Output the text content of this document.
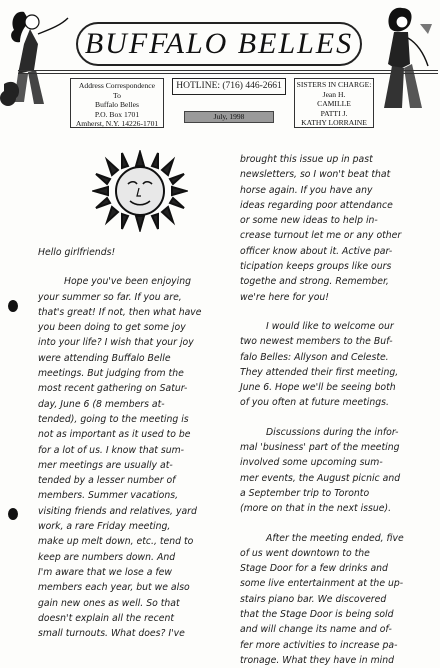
BUFFALO BELLES
Address Correspondence
To
Buffalo Belles
P.O. Box 1701
Amherst, N.Y. 14226-1701
HOTLINE: (716) 446-2661
July, 1998
SISTERS IN CHARGE:
Jean H.
CAMILLE
PATTI J.
KATHY LORRAINE

Hello girlfriends!

Hope you've been enjoying

your summer so far. If you are,

that's great! If not, then what have

you been doing to get some joy

into your life? I wish that your joy

were attending Buffalo Belle

meetings. But judging from the

most recent gathering on Satur-

day, June 6 (8 members at-

tended), going to the meeting is

not as important as it used to be

for a lot of us. I know that sum-

mer meetings are usually at-

tended by a lesser number of

members. Summer vacations,

visiting friends and relatives, yard

work, a rare Friday meeting,

make up melt down, etc., tend to

keep are numbers down. And

I'm aware that we lose a few

members each year, but we also

gain new ones as well. So that

doesn't explain all the recent

small turnouts. What does? I've

brought this issue up in past

newsletters, so I won't beat that

horse again. If you have any

ideas regarding poor attendance

or some new ideas to help in-

crease turnout let me or any other

officer know about it. Active par-

ticipation keeps groups like ours

togethe and strong. Remember,

we're here for you!

I would like to welcome our

two newest members to the Buf-

falo Belles: Allyson and Celeste.

They attended their first meeting,

June 6. Hope we'll be seeing both

of you often at future meetings.

Discussions during the infor-

mal 'business' part of the meeting

involved some upcoming sum-

mer events, the August picnic and

a September trip to Toronto

(more on that in the next issue).

After the meeting ended, five

of us went downtown to the

Stage Door for a few drinks and

some live entertainment at the up-

stairs piano bar. We discovered

that the Stage Door is being sold

and will change its name and of-

fer more activities to increase pa-

tronage. What they have in mind
